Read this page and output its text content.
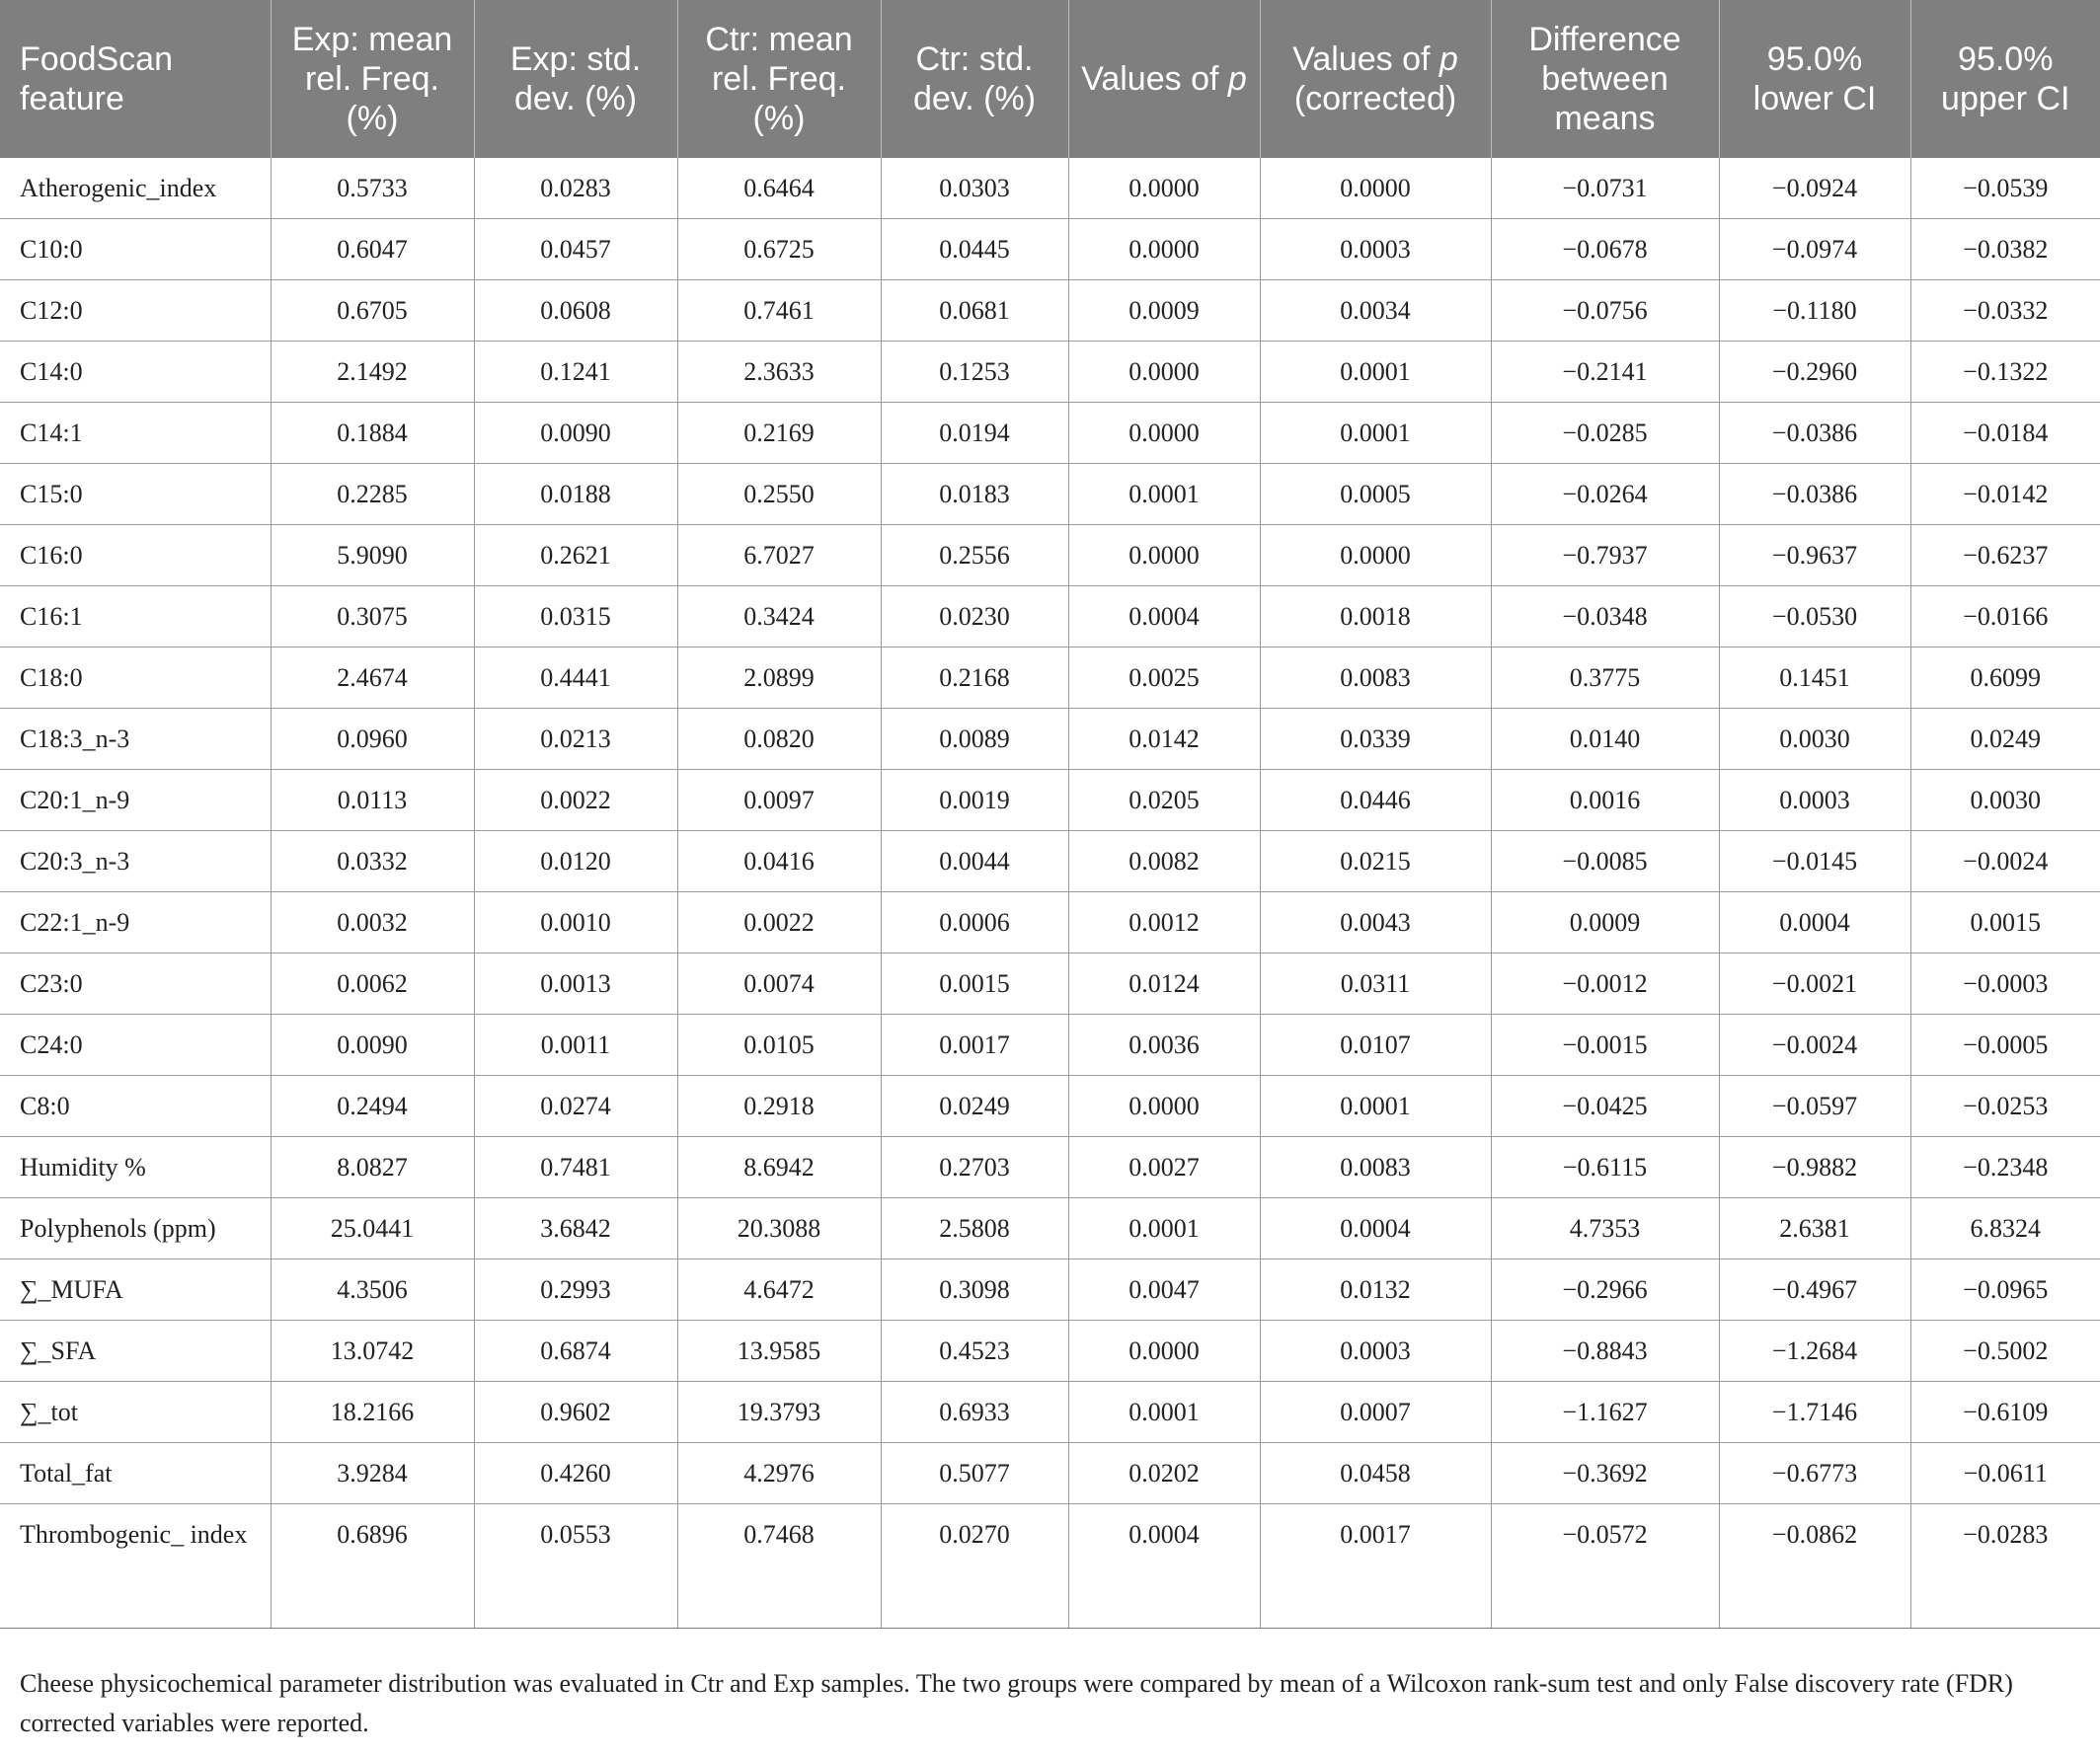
FoodScan feature	Exp: mean rel. Freq. (%)	Exp: std. dev. (%)	Ctr: mean rel. Freq. (%)	Ctr: std. dev. (%)	Values of p	Values of p (corrected)	Difference between means	95.0% lower CI	95.0% upper CI
Atherogenic_index	0.5733	0.0283	0.6464	0.0303	0.0000	0.0000	−0.0731	−0.0924	−0.0539
C10:0	0.6047	0.0457	0.6725	0.0445	0.0000	0.0003	−0.0678	−0.0974	−0.0382
C12:0	0.6705	0.0608	0.7461	0.0681	0.0009	0.0034	−0.0756	−0.1180	−0.0332
C14:0	2.1492	0.1241	2.3633	0.1253	0.0000	0.0001	−0.2141	−0.2960	−0.1322
C14:1	0.1884	0.0090	0.2169	0.0194	0.0000	0.0001	−0.0285	−0.0386	−0.0184
C15:0	0.2285	0.0188	0.2550	0.0183	0.0001	0.0005	−0.0264	−0.0386	−0.0142
C16:0	5.9090	0.2621	6.7027	0.2556	0.0000	0.0000	−0.7937	−0.9637	−0.6237
C16:1	0.3075	0.0315	0.3424	0.0230	0.0004	0.0018	−0.0348	−0.0530	−0.0166
C18:0	2.4674	0.4441	2.0899	0.2168	0.0025	0.0083	0.3775	0.1451	0.6099
C18:3_n-3	0.0960	0.0213	0.0820	0.0089	0.0142	0.0339	0.0140	0.0030	0.0249
C20:1_n-9	0.0113	0.0022	0.0097	0.0019	0.0205	0.0446	0.0016	0.0003	0.0030
C20:3_n-3	0.0332	0.0120	0.0416	0.0044	0.0082	0.0215	−0.0085	−0.0145	−0.0024
C22:1_n-9	0.0032	0.0010	0.0022	0.0006	0.0012	0.0043	0.0009	0.0004	0.0015
C23:0	0.0062	0.0013	0.0074	0.0015	0.0124	0.0311	−0.0012	−0.0021	−0.0003
C24:0	0.0090	0.0011	0.0105	0.0017	0.0036	0.0107	−0.0015	−0.0024	−0.0005
C8:0	0.2494	0.0274	0.2918	0.0249	0.0000	0.0001	−0.0425	−0.0597	−0.0253
Humidity %	8.0827	0.7481	8.6942	0.2703	0.0027	0.0083	−0.6115	−0.9882	−0.2348
Polyphenols (ppm)	25.0441	3.6842	20.3088	2.5808	0.0001	0.0004	4.7353	2.6381	6.8324
∑_MUFA	4.3506	0.2993	4.6472	0.3098	0.0047	0.0132	−0.2966	−0.4967	−0.0965
∑_SFA	13.0742	0.6874	13.9585	0.4523	0.0000	0.0003	−0.8843	−1.2684	−0.5002
∑_tot	18.2166	0.9602	19.3793	0.6933	0.0001	0.0007	−1.1627	−1.7146	−0.6109
Total_fat	3.9284	0.4260	4.2976	0.5077	0.0202	0.0458	−0.3692	−0.6773	−0.0611
Thrombogenic_ index	0.6896	0.0553	0.7468	0.0270	0.0004	0.0017	−0.0572	−0.0862	−0.0283
Cheese physicochemical parameter distribution was evaluated in Ctr and Exp samples. The two groups were compared by mean of a Wilcoxon rank-sum test and only False discovery rate (FDR) corrected variables were reported.
